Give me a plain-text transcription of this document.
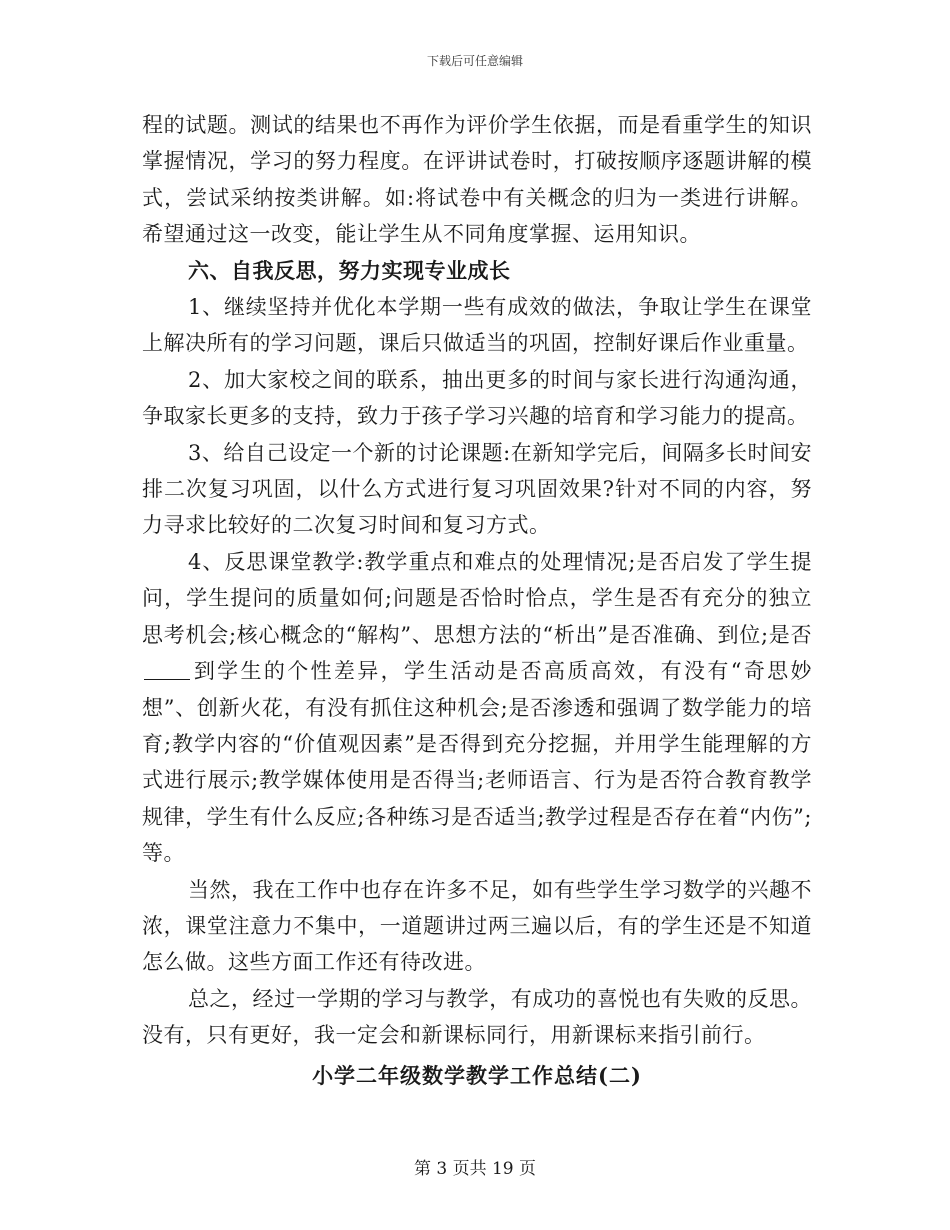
下载后可任意编辑

程的试题。测试的结果也不再作为评价学生依据，而是看重学生的知识掌握情况，学习的努力程度。在评讲试卷时，打破按顺序逐题讲解的模式，尝试采纳按类讲解。如:将试卷中有关概念的归为一类进行讲解。希望通过这一改变，能让学生从不同角度掌握、运用知识。

六、自我反思，努力实现专业成长

1、继续坚持并优化本学期一些有成效的做法，争取让学生在课堂上解决所有的学习问题，课后只做适当的巩固，控制好课后作业重量。

2、加大家校之间的联系，抽出更多的时间与家长进行沟通沟通，争取家长更多的支持，致力于孩子学习兴趣的培育和学习能力的提高。

3、给自己设定一个新的讨论课题:在新知学完后，间隔多长时间安排二次复习巩固，以什么方式进行复习巩固效果?针对不同的内容，努力寻求比较好的二次复习时间和复习方式。

4、反思课堂教学:教学重点和难点的处理情况;是否启发了学生提问，学生提问的质量如何;问题是否恰时恰点，学生是否有充分的独立思考机会;核心概念的“解构”、思想方法的“析出”是否准确、到位;是否到学生的个性差异，学生活动是否高质高效，有没有“奇思妙想”、创新火花，有没有抓住这种机会;是否渗透和强调了数学能力的培育;教学内容的“价值观因素”是否得到充分挖掘，并用学生能理解的方式进行展示;教学媒体使用是否得当;老师语言、行为是否符合教育教学规律，学生有什么反应;各种练习是否适当;教学过程是否存在着“内伤”;等。

当然，我在工作中也存在许多不足，如有些学生学习数学的兴趣不浓，课堂注意力不集中，一道题讲过两三遍以后，有的学生还是不知道怎么做。这些方面工作还有待改进。

总之，经过一学期的学习与教学，有成功的喜悦也有失败的反思。没有，只有更好，我一定会和新课标同行，用新课标来指引前行。

小学二年级数学教学工作总结(二)

第 3 页共 19 页
